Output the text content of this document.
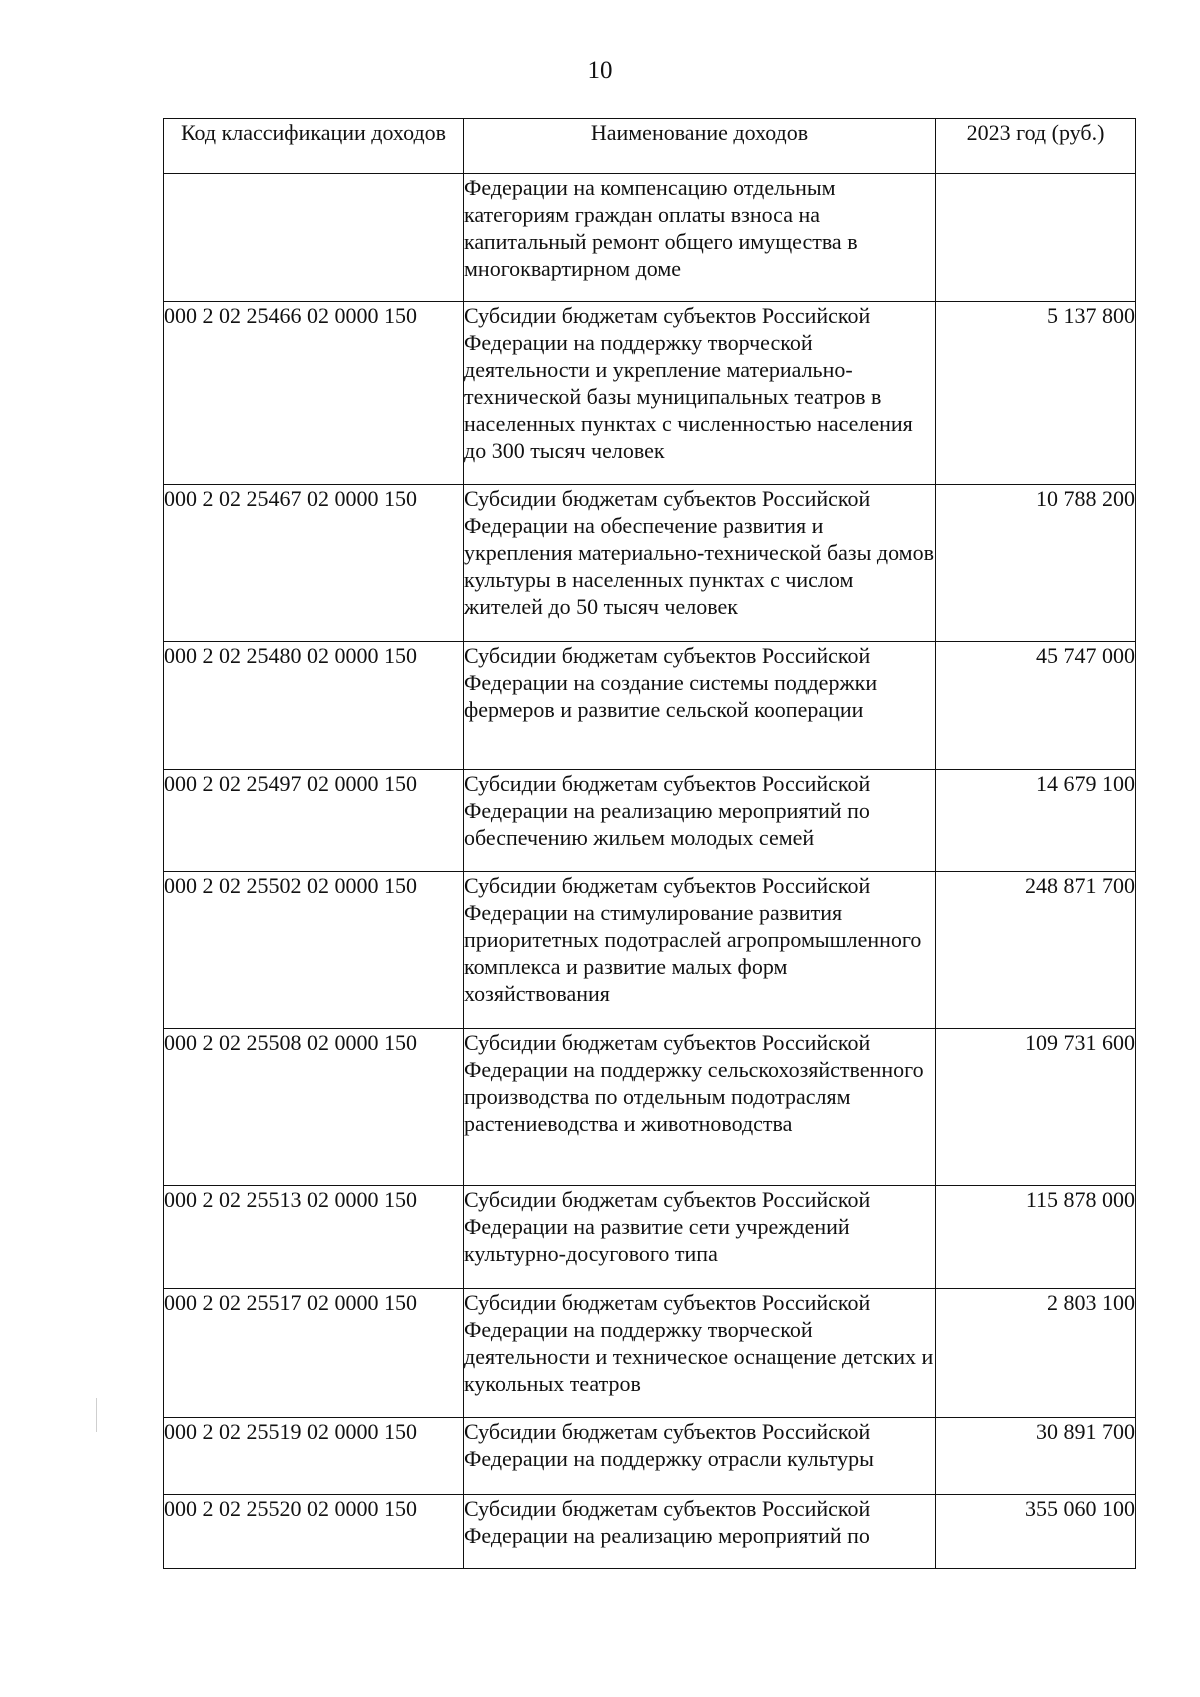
10
Код классификации доходов	Наименование доходов	2023 год (руб.)
	Федерации на компенсацию отдельным категориям граждан оплаты взноса на капитальный ремонт общего имущества в многоквартирном доме	
000 2 02 25466 02 0000 150	Субсидии бюджетам субъектов Российской Федерации на поддержку творческой деятельности и укрепление материально-технической базы муниципальных театров в населенных пунктах с численностью населения до 300 тысяч человек	5 137 800
000 2 02 25467 02 0000 150	Субсидии бюджетам субъектов Российской Федерации на обеспечение развития и укрепления материально-технической базы домов культуры в населенных пунктах с числом жителей до 50 тысяч человек	10 788 200
000 2 02 25480 02 0000 150	Субсидии бюджетам субъектов Российской Федерации на создание системы поддержки фермеров и развитие сельской кооперации	45 747 000
000 2 02 25497 02 0000 150	Субсидии бюджетам субъектов Российской Федерации на реализацию мероприятий по обеспечению жильем молодых семей	14 679 100
000 2 02 25502 02 0000 150	Субсидии бюджетам субъектов Российской Федерации на стимулирование развития приоритетных подотраслей агропромышленного комплекса и развитие малых форм хозяйствования	248 871 700
000 2 02 25508 02 0000 150	Субсидии бюджетам субъектов Российской Федерации на поддержку сельскохозяйственного производства по отдельным подотраслям растениеводства и животноводства	109 731 600
000 2 02 25513 02 0000 150	Субсидии бюджетам субъектов Российской Федерации на развитие сети учреждений культурно-досугового типа	115 878 000
000 2 02 25517 02 0000 150	Субсидии бюджетам субъектов Российской Федерации на поддержку творческой деятельности и техническое оснащение детских и кукольных театров	2 803 100
000 2 02 25519 02 0000 150	Субсидии бюджетам субъектов Российской Федерации на поддержку отрасли культуры	30 891 700
000 2 02 25520 02 0000 150	Субсидии бюджетам субъектов Российской Федерации на реализацию мероприятий по	355 060 100
